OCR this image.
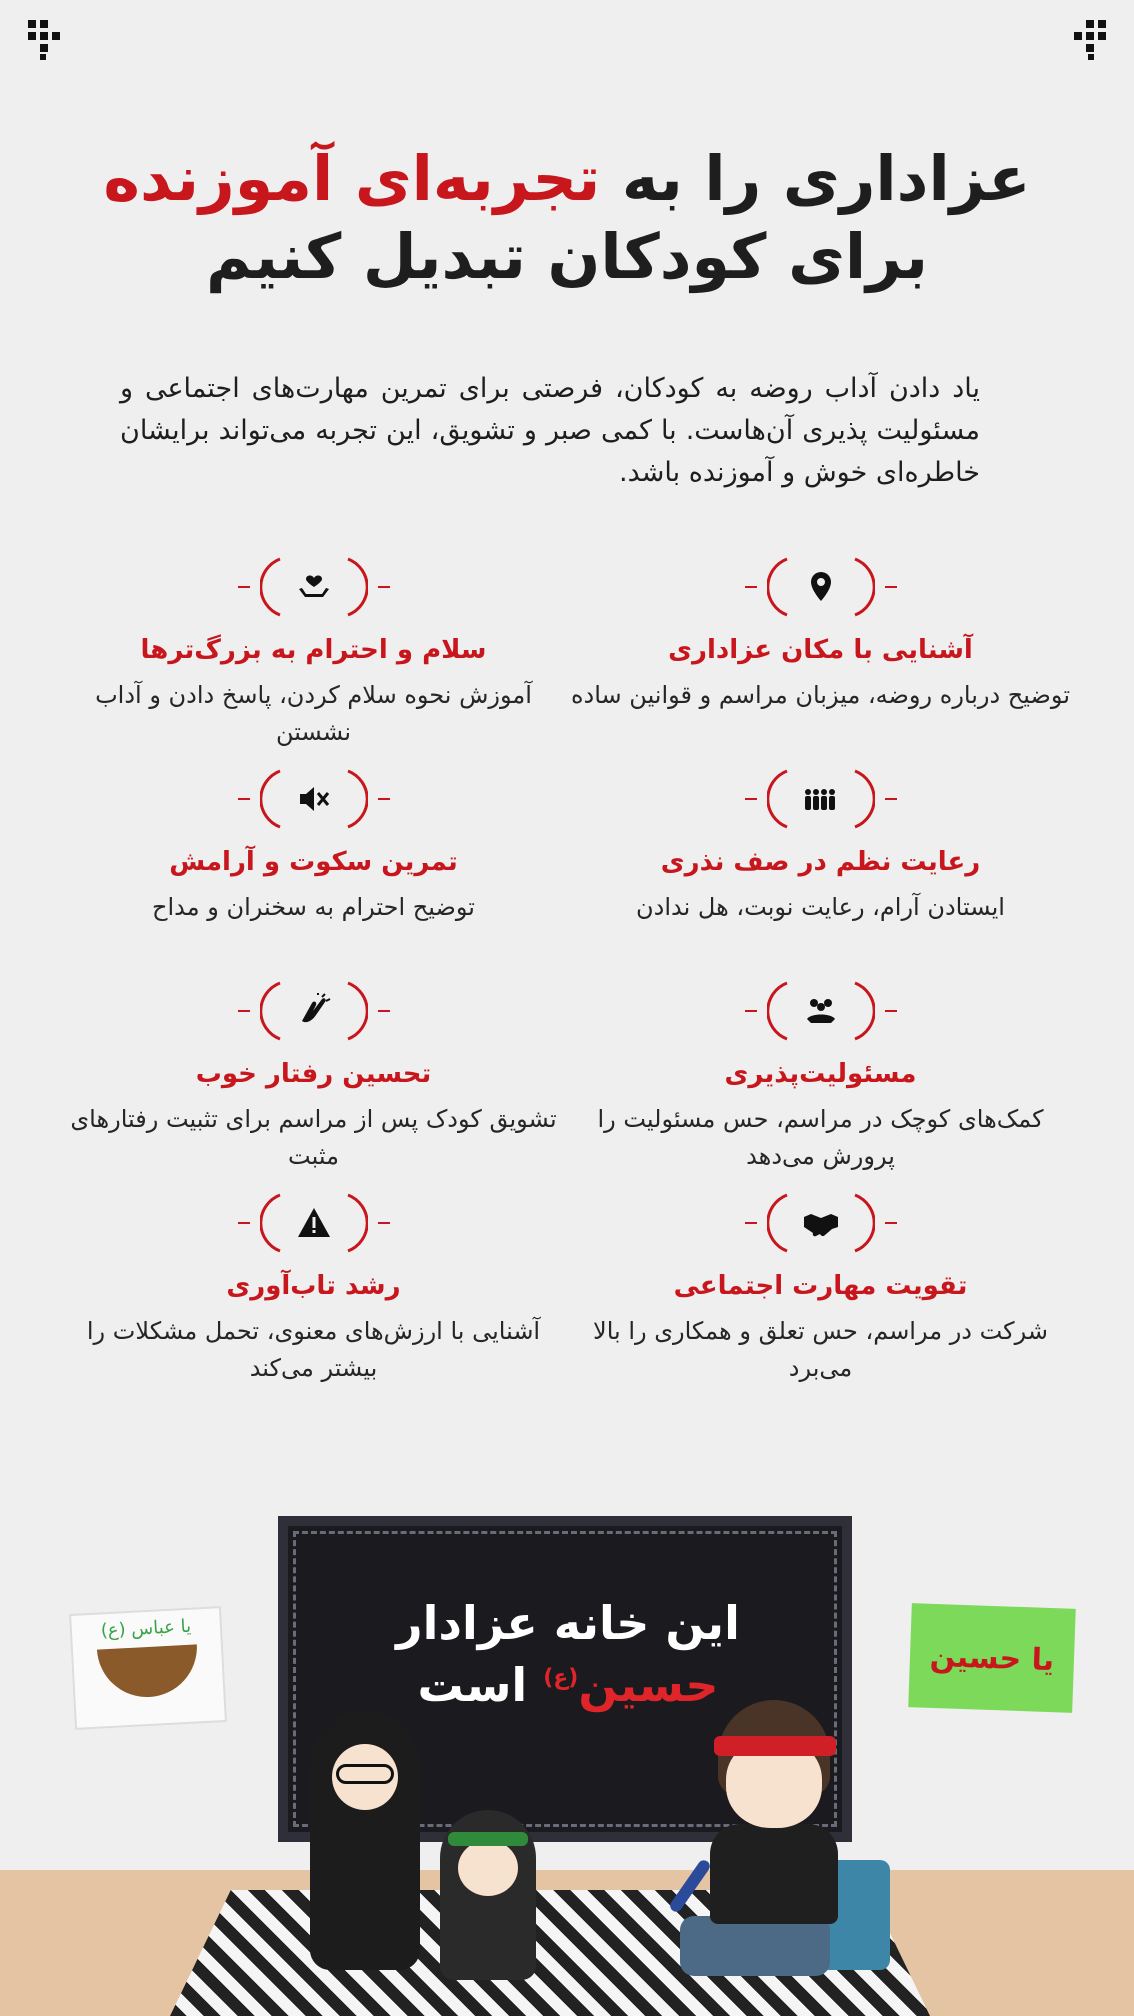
عزاداری را به تجربه‌ای آموزنده
برای کودکان تبدیل کنیم

یاد دادن آداب روضه به کودکان، فرصتی برای تمرین مهارت‌های اجتماعی و مسئولیت پذیری آن‌هاست. با کمی صبر و تشویق، این تجربه می‌تواند برایشان خاطره‌ای خوش و آموزنده باشد.

آشنایی با مکان عزاداری
توضیح درباره روضه، میزبان مراسم و قوانین ساده
سلام و احترام به بزرگ‌ترها
آموزش نحوه سلام کردن، پاسخ دادن و آداب نشستن
رعایت نظم در صف نذری
ایستادن آرام، رعایت نوبت، هل ندادن
تمرین سکوت و آرامش
توضیح احترام به سخنران و مداح
مسئولیت‌پذیری
کمک‌های کوچک در مراسم، حس مسئولیت را پرورش می‌دهد
تحسین رفتار خوب
تشویق کودک پس از مراسم برای تثبیت رفتارهای مثبت
تقویت مهارت اجتماعی
شرکت در مراسم، حس تعلق و همکاری را بالا می‌برد
رشد تاب‌آوری
آشنایی با ارزش‌های معنوی، تحمل مشکلات را بیشتر می‌کند
یا عباس (ع)
یا حسین
این خانه عزادار
حسین$^{(ع)}$ است
